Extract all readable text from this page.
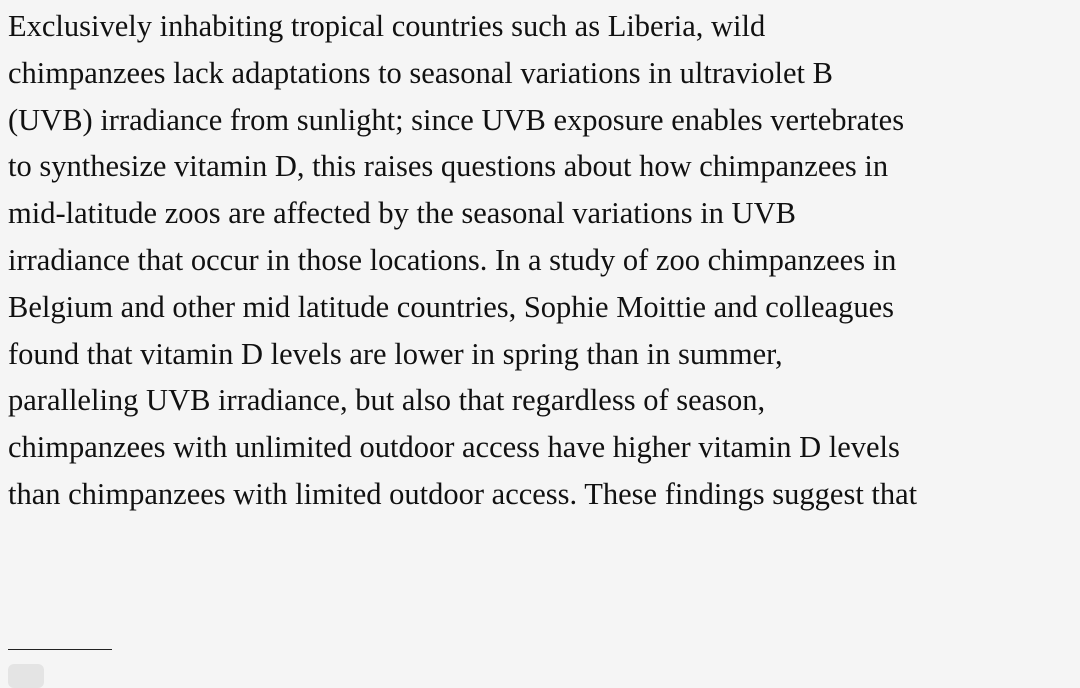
Exclusively inhabiting tropical countries such as Liberia, wild
chimpanzees lack adaptations to seasonal variations in ultraviolet B
(UVB) irradiance from sunlight; since UVB exposure enables vertebrates
to synthesize vitamin D, this raises questions about how chimpanzees in
mid-latitude zoos are affected by the seasonal variations in UVB
irradiance that occur in those locations. In a study of zoo chimpanzees in
Belgium and other mid latitude countries, Sophie Moittie and colleagues
found that vitamin D levels are lower in spring than in summer,
paralleling UVB irradiance, but also that regardless of season,
chimpanzees with unlimited outdoor access have higher vitamin D levels
than chimpanzees with limited outdoor access. These findings suggest that
